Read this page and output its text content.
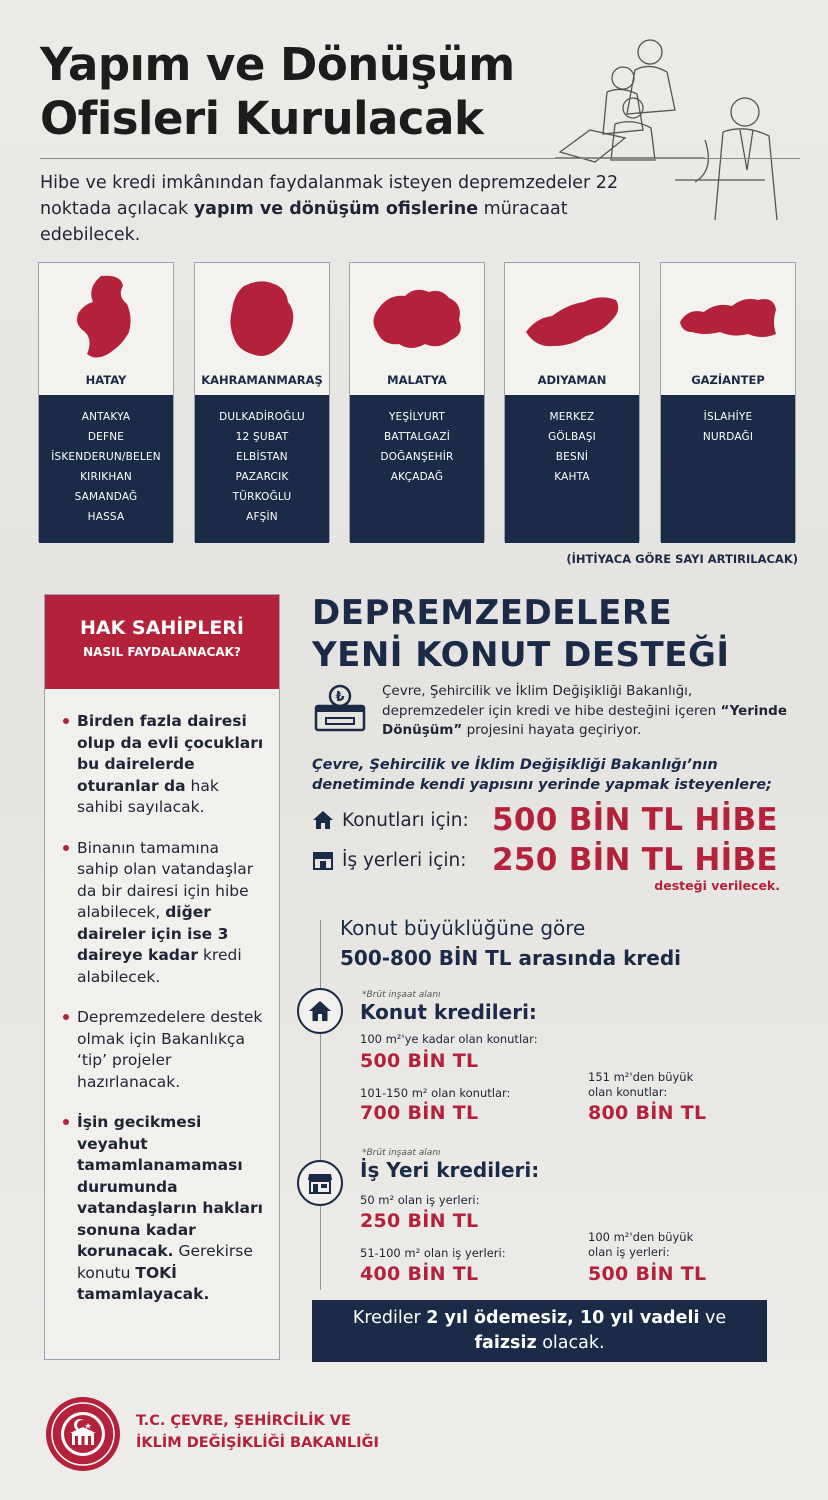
Yapım ve Dönüşüm
Ofisleri Kurulacak
Hibe ve kredi imkânından faydalanmak isteyen depremzedeler 22 noktada açılacak yapım ve dönüşüm ofislerine müracaat edebilecek.
HATAY
ANTAKYA
DEFNE
İSKENDERUN/BELEN
KIRIKHAN
SAMANDAĞ
HASSA
KAHRAMANMARAŞ
DULKADİROĞLU
12 ŞUBAT
ELBİSTAN
PAZARCIK
TÜRKOĞLU
AFŞİN
MALATYA
YEŞİLYURT
BATTALGAZİ
DOĞANŞEHİR
AKÇADAĞ
ADIYAMAN
MERKEZ
GÖLBAŞI
BESNİ
KAHTA
GAZİANTEP
İSLAHİYE
NURDAĞI
(İHTİYACA GÖRE SAYI ARTIRILACAK)
HAK SAHİPLERİ
NASIL FAYDALANACAK?
Birden fazla dairesi olup da evli çocukları bu dairelerde oturanlar da hak sahibi sayılacak.
Binanın tamamına sahip olan vatandaşlar da bir dairesi için hibe alabilecek, diğer daireler için ise 3 daireye kadar kredi alabilecek.
Depremzedelere destek olmak için Bakanlıkça ‘tip’ projeler hazırlanacak.
İşin gecikmesi veyahut tamamlanamaması durumunda vatandaşların hakları sonuna kadar korunacak. Gerekirse konutu TOKİ tamamlayacak.
DEPREMZEDELERE
YENİ KONUT DESTEĞİ
₺	Çevre, Şehircilik ve İklim Değişikliği Bakanlığı, depremzedeler için kredi ve hibe desteğini içeren “Yerinde Dönüşüm” projesini hayata geçiriyor.
Çevre, Şehircilik ve İklim Değişikliği Bakanlığı’nın denetiminde kendi yapısını yerinde yapmak isteyenlere;
Konutları için: 500 BİN TL HİBE
İş yerleri için: 250 BİN TL HİBE
desteği verilecek.
Konut büyüklüğüne göre
500-800 BİN TL arasında kredi
*Brüt inşaat alanı
Konut kredileri:
100 m²'ye kadar olan konutlar:
500 BİN TL
101-150 m² olan konutlar:
700 BİN TL
151 m²'den büyük
olan konutlar:
800 BİN TL
*Brüt inşaat alanı
İş Yeri kredileri:
50 m² olan iş yerleri:
250 BİN TL
51-100 m² olan iş yerleri:
400 BİN TL
100 m²'den büyük
olan iş yerleri:
500 BİN TL
Krediler 2 yıl ödemesiz, 10 yıl vadeli ve
faizsiz olacak.
T.C. ÇEVRE, ŞEHİRCİLİK VE
İKLİM DEĞİŞİKLİĞİ BAKANLIĞI
